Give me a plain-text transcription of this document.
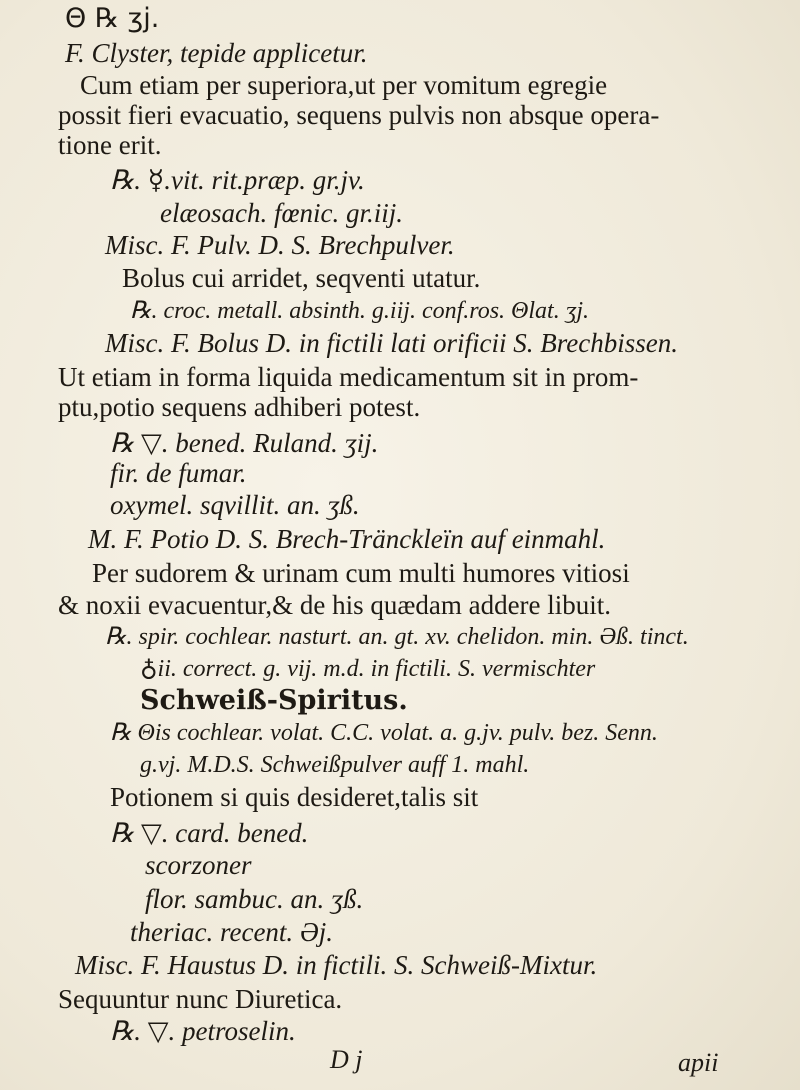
Θ ℞ ʒj.
F. Clyster, tepide applicetur.
Cum etiam per superiora,ut per vomitum egregie
possit fieri evacuatio, sequens pulvis non absque opera-
tione erit.
℞. ☿.vit. rit.præp. gr.jv.
elæosach. fœnic. gr.iij.
Misc. F. Pulv. D. S. Brechpulver.
Bolus cui arridet, seqventi utatur.
℞. croc. metall. absinth. g.iij. conf.ros. Θlat. ʒj.
Misc. F. Bolus D. in fictili lati orificii S. Brechbissen.
Ut etiam in forma liquida medicamentum sit in prom-
ptu,potio sequens adhiberi potest.
℞ ▽. bened. Ruland. ʒij.
fir. de fumar.
oxymel. sqvillit. an. ʒß.
M. F. Potio D. S. Brech-Tränckleïn auf einmahl.
Per sudorem & urinam cum multi humores vitiosi
& noxii evacuentur,& de his quædam addere libuit.
℞. spir. cochlear. nasturt. an. gt. xv. chelidon. min. Əß. tinct.
♁ii. correct. g. vij. m.d. in fictili. S. vermischter
Schweiß-Spiritus.
℞ Θis cochlear. volat. C.C. volat. a. g.jv. pulv. bez. Senn.
g.vj. M.D.S. Schweißpulver auff 1. mahl.
Potionem si quis desideret,talis sit
℞ ▽. card. bened.
scorzoner
flor. sambuc. an. ʒß.
theriac. recent. Əj.
Misc. F. Haustus D. in fictili. S. Schweiß-Mixtur.
Sequuntur nunc Diuretica.
℞. ▽. petroselin.
D j	apii
